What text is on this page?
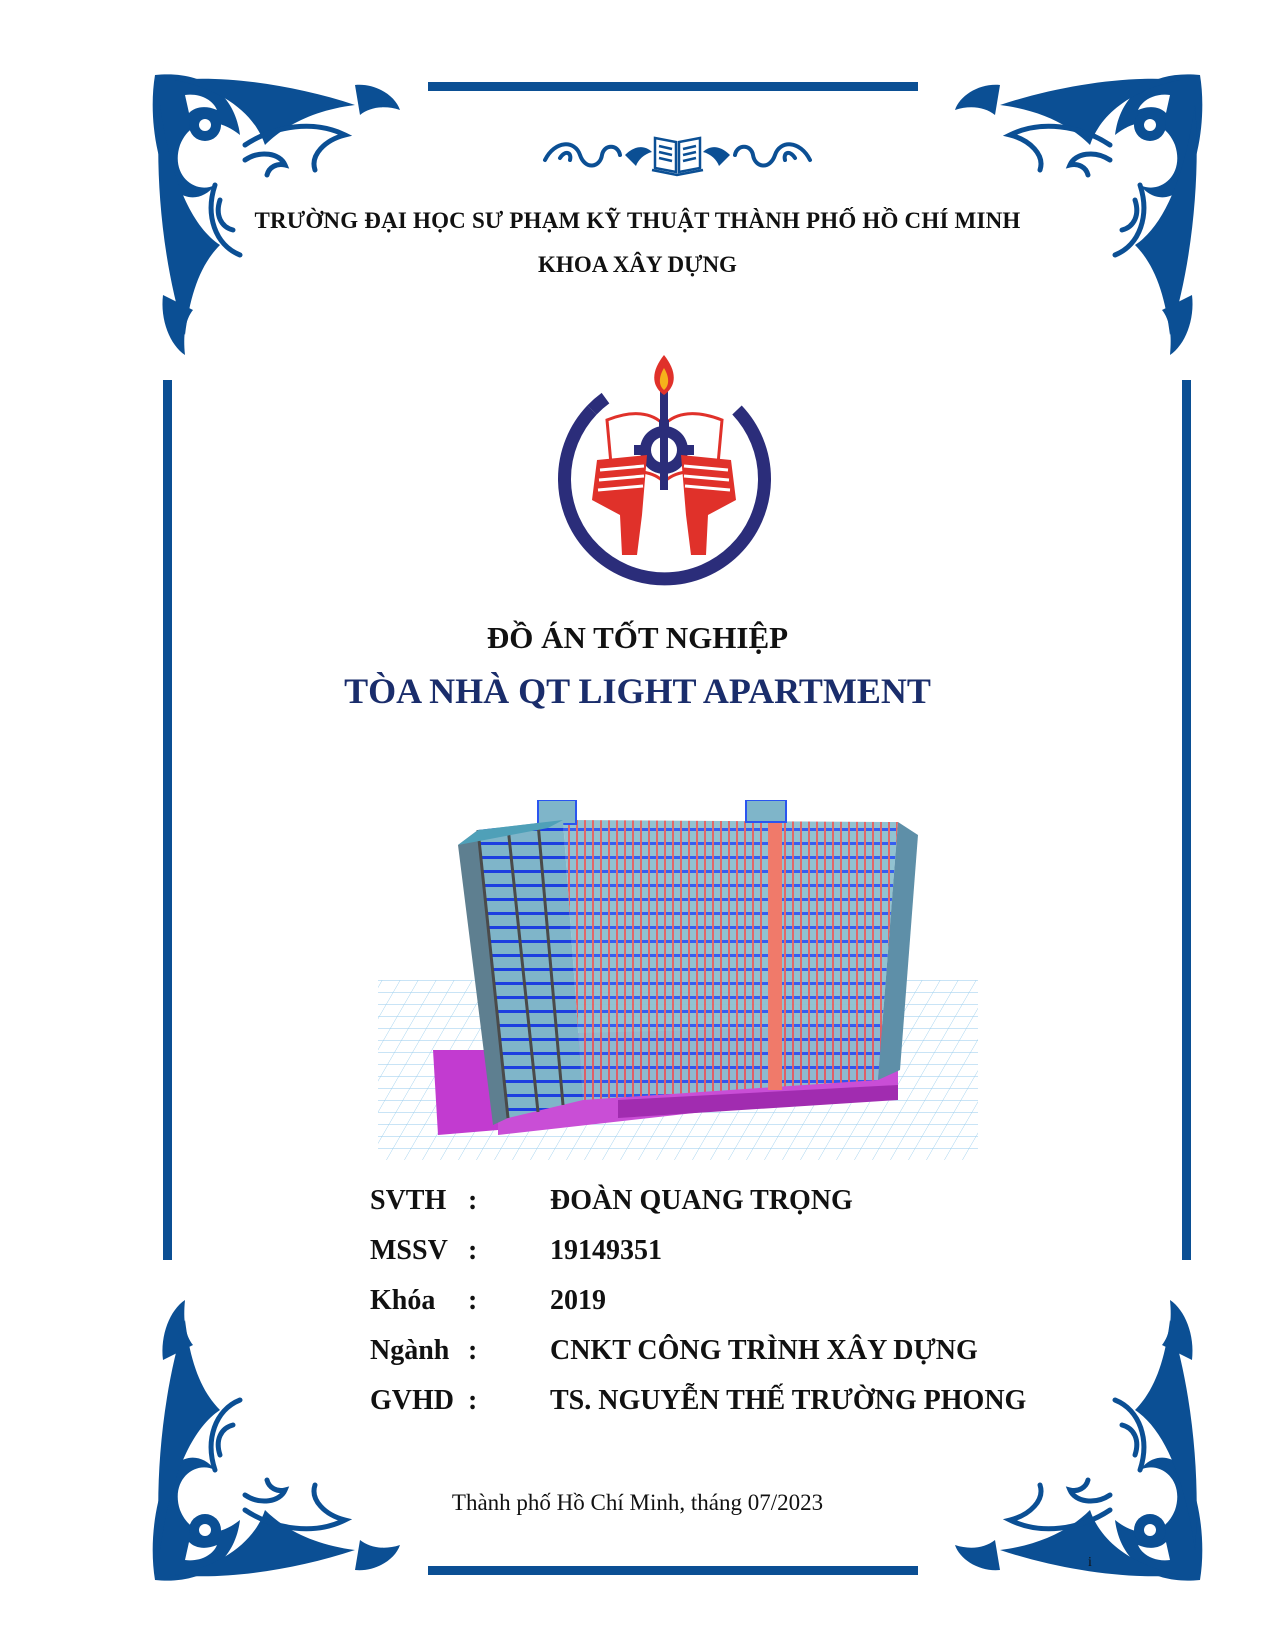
TRƯỜNG ĐẠI HỌC SƯ PHẠM KỸ THUẬT THÀNH PHỐ HỒ CHÍ MINH
KHOA XÂY DỰNG
ĐỒ ÁN TỐT NGHIỆP
TÒA NHÀ QT LIGHT APARTMENT
SVTH :	ĐOÀN QUANG TRỌNG
MSSV :	19149351
Khóa	:	2019
Ngành :	CNKT CÔNG TRÌNH XÂY DỰNG
GVHD :	TS. NGUYỄN THẾ TRƯỜNG PHONG
Thành phố Hồ Chí Minh, tháng 07/2023
i
